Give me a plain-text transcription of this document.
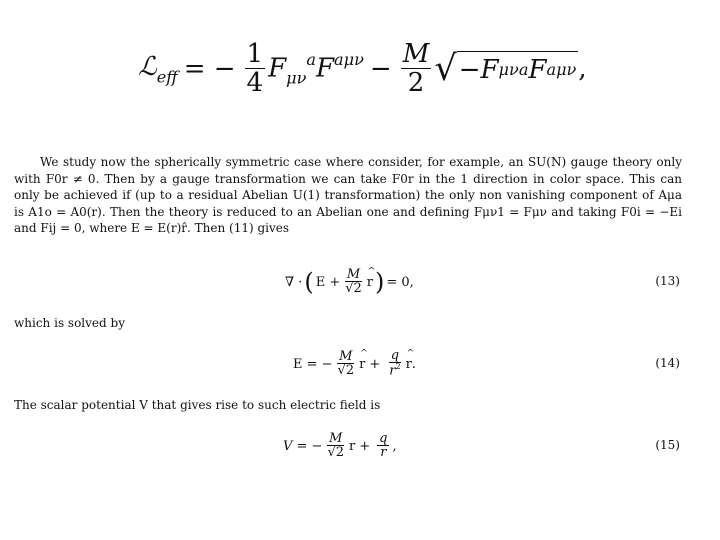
ℒ$_{eff}$ = − $\frac{1}{4} F_{\mu\nu}^aF^{a\mu\nu} - \frac{M}{2}$ √ − F μν a F aμν ,

We study now the spherically symmetric case where consider, for example, an SU(N) gauge theory only with F0r ≠ 0. Then by a gauge transformation we can take F0r in the 1 direction in color space. This can only be achieved if (up to a residual Abelian U(1) transformation) the only non vanishing component of Aμa is A1o = A0(r). Then the theory is reduced to an Abelian one and defining Fμν1 = Fμν and taking F0i = −Ei and Fij = 0, where E = E(r)r̂. Then (11) gives

∇ · ( $E + \frac{M}{√2}$ r ^ ) = 0,	(13)
which is solved by
E = − $\frac{M}{√2}$ r ^ + $\frac{q}{r^2}$ r ^ .	(14)
The scalar potential V that gives rise to such electric field is
V = − $\frac{M}{√2}$ $r + \frac{q}{r}$ ,	(15)
